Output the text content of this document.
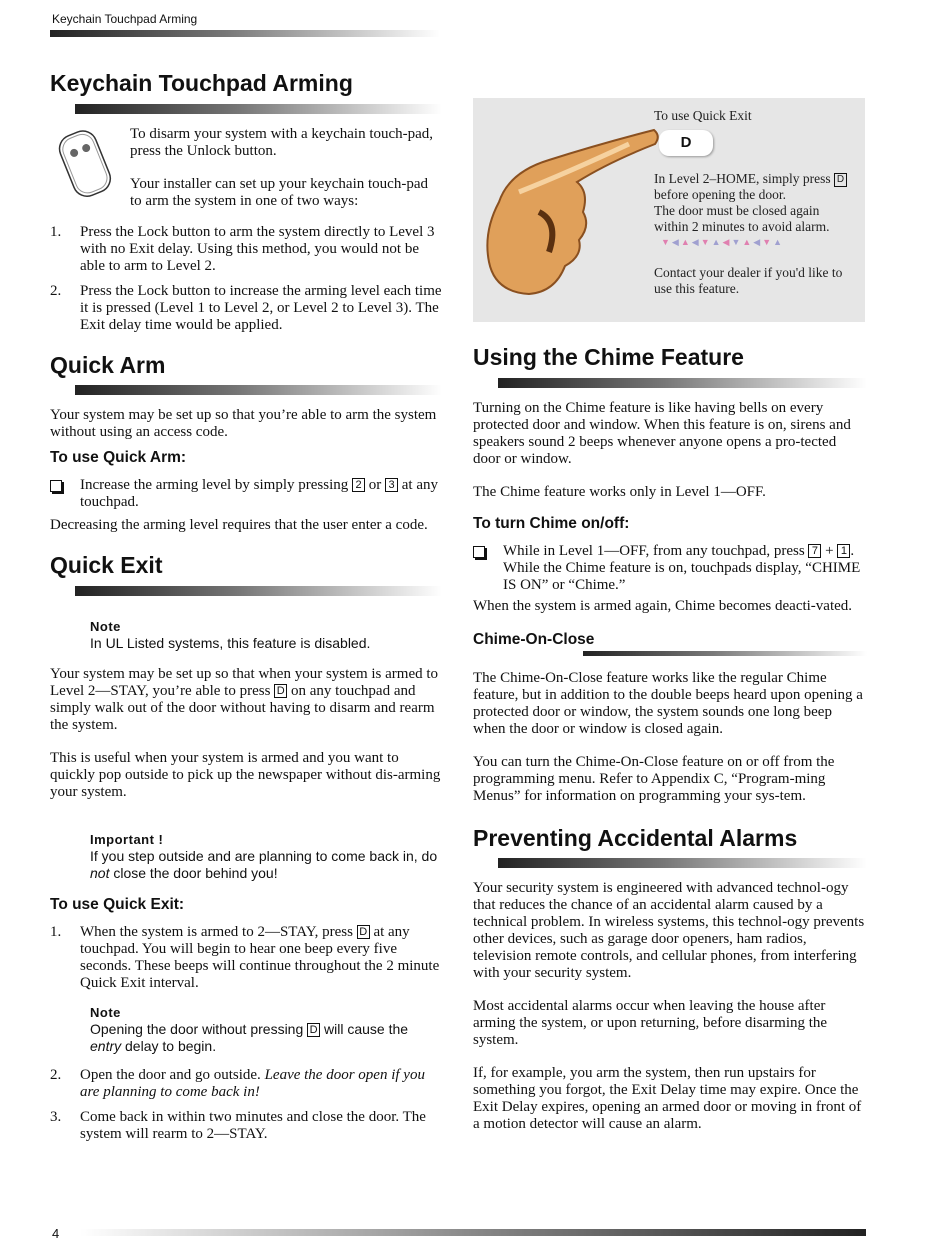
Keychain Touchpad Arming
Keychain Touchpad Arming

To disarm your system with a keychain touch-pad, press the Unlock button.

Your installer can set up your keychain touch-pad to arm the system in one of two ways:

1.	Press the Lock button to arm the system directly to Level 3 with no Exit delay. Using this method, you would not be able to arm to Level 2.
2.	Press the Lock button to increase the arming level each time it is pressed (Level 1 to Level 2, or Level 2 to Level 3). The Exit delay time would be applied.
Quick Arm

Your system may be set up so that you’re able to arm the system without using an access code.

To use Quick Arm:
Increase the arming level by simply pressing 2 or 3 at any touchpad.

Decreasing the arming level requires that the user enter a code.

Quick Exit
Note
In UL Listed systems, this feature is disabled.

Your system may be set up so that when your system is armed to Level 2—STAY, you’re able to press D on any touchpad and simply walk out of the door without having to disarm and rearm the system.

This is useful when your system is armed and you want to quickly pop outside to pick up the newspaper without dis-arming your system.

Important !
If you step outside and are planning to come back in, do not close the door behind you!
To use Quick Exit:
1.	When the system is armed to 2—STAY, press D at any touchpad. You will begin to hear one beep every five seconds. These beeps will continue throughout the 2 minute Quick Exit interval.
Note
Opening the door without pressing D will cause the entry delay to begin.
2.	Open the door and go outside. Leave the door open if you are planning to come back in!
3.	Come back in within two minutes and close the door. The system will rearm to 2—STAY.
To use Quick Exit
D
In Level 2–HOME, simply press D before opening the door.
The door must be closed again within 2 minutes to avoid alarm.
▼◀▲◀▼▲◀▼▲◀▼▲
Contact your dealer if you'd like to use this feature.
Using the Chime Feature

Turning on the Chime feature is like having bells on every protected door and window. When this feature is on, sirens and speakers sound 2 beeps whenever anyone opens a pro-tected door or window.

The Chime feature works only in Level 1—OFF.

To turn Chime on/off:
While in Level 1—OFF, from any touchpad, press 7 + 1 . While the Chime feature is on, touchpads display, “CHIME IS ON” or “Chime.”

When the system is armed again, Chime becomes deacti-vated.

Chime-On-Close

The Chime-On-Close feature works like the regular Chime feature, but in addition to the double beeps heard upon opening a protected door or window, the system sounds one long beep when the door or window is closed again.

You can turn the Chime-On-Close feature on or off from the programming menu. Refer to Appendix C, “Program-ming Menus” for information on programming your sys-tem.

Preventing Accidental Alarms

Your security system is engineered with advanced technol-ogy that reduces the chance of an accidental alarm caused by a technical problem. In wireless systems, this technol-ogy prevents other devices, such as garage door openers, ham radios, television remote controls, and cellular phones, from interfering with your security system.

Most accidental alarms occur when leaving the house after arming the system, or upon returning, before disarming the system.

If, for example, you arm the system, then run upstairs for something you forgot, the Exit Delay time may expire. Once the Exit Delay expires, opening an armed door or moving in front of a motion detector will cause an alarm.

4
